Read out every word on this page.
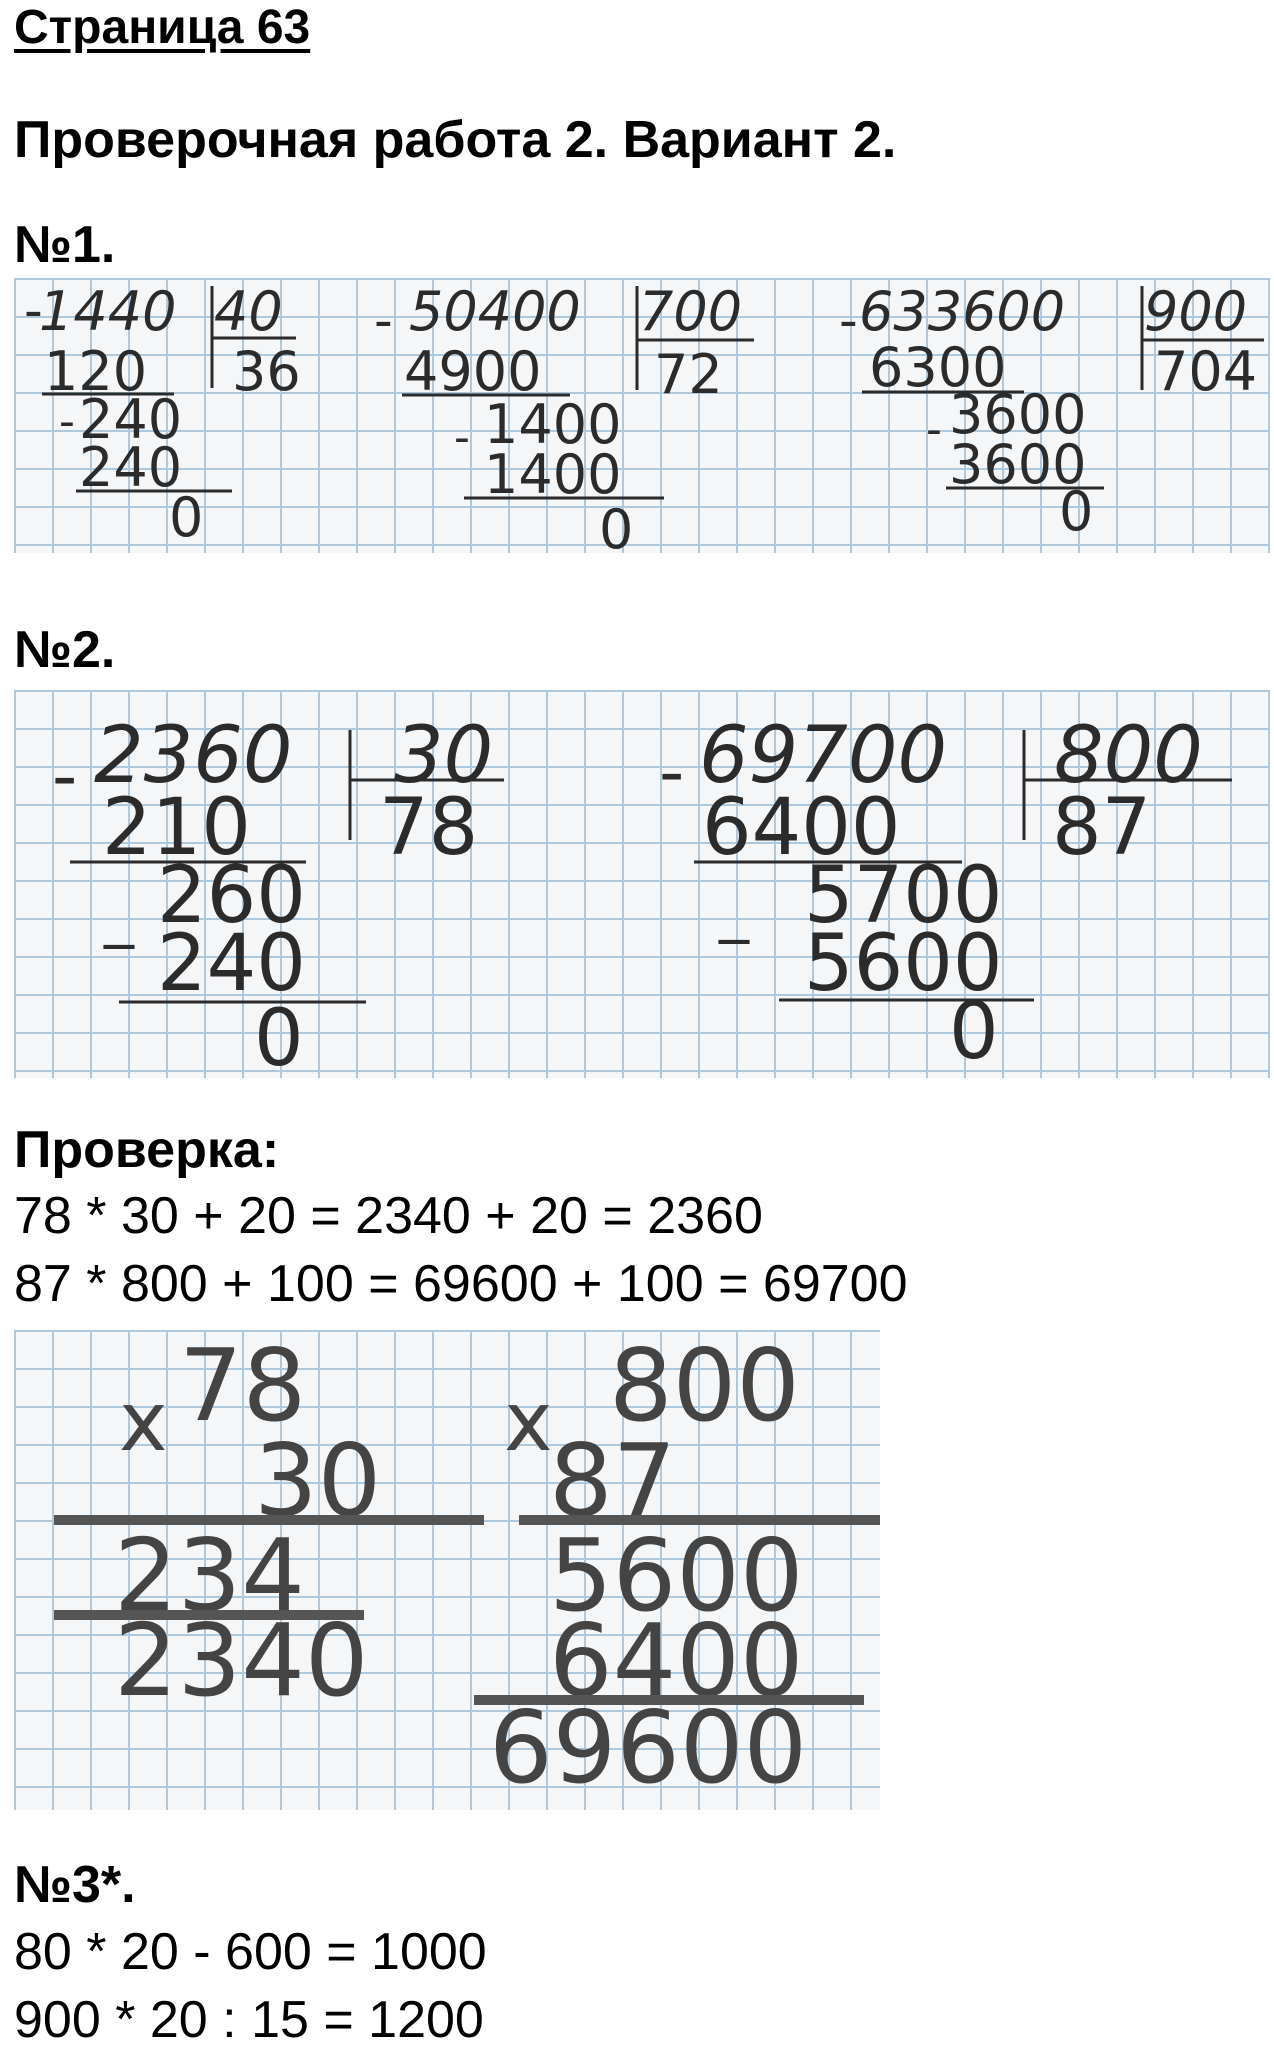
Страница 63
Проверочная работа 2. Вариант 2.
№1.
-
1440 40
36
120
- 240
240
0
- 50400 700
72
4900
- 1400
1400
0
- 633600 900
704
6300
- 3600
3600
0
№2.
- 2360 30
78
210
_ 260
240
0
- 69700 800
87
6400
_ 5700
5600
0
Проверка:

78 * 30 + 20 = 2340 + 20 = 2360

87 * 800 + 100 = 69600 + 100 = 69700

x 78
30
234
2340
x 800
87
5600
6400
69600
№3*.

80 * 20 - 600 = 1000

900 * 20 : 15 = 1200
